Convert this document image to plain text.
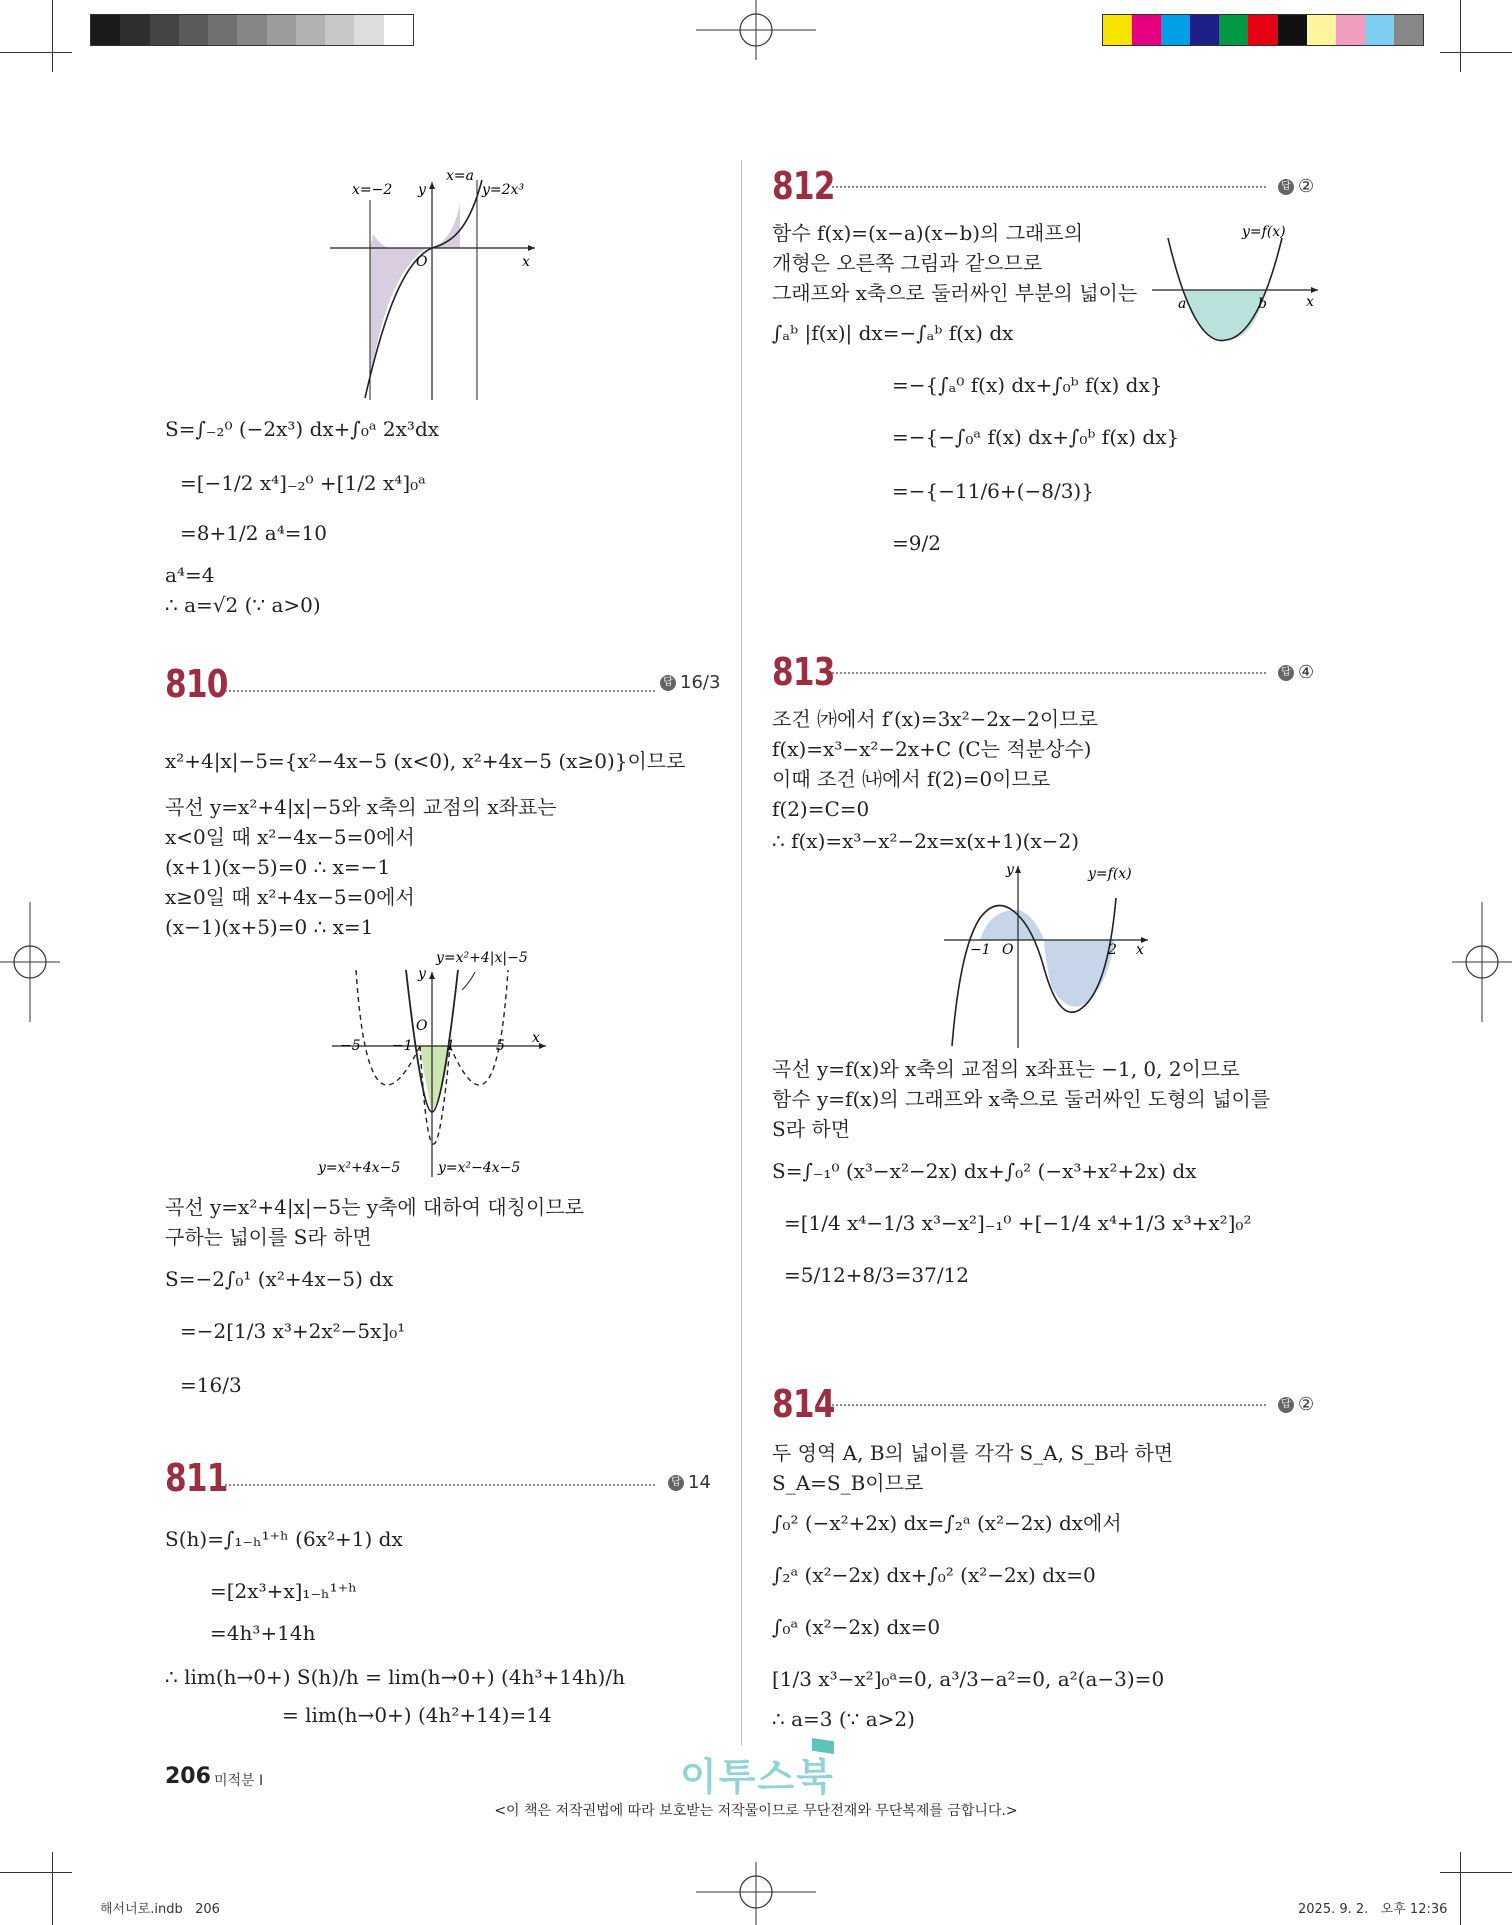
x=−2 y
x=a
y=2x³
O	x
S=∫₋₂⁰ (−2x³) dx+∫₀ᵃ 2x³dx
=[−1/2 x⁴]₋₂⁰ +[1/2 x⁴]₀ᵃ
=8+1/2 a⁴=10
a⁴=4
∴ a=√2 (∵ a>0)
810	답 16/3
x²+4|x|−5={x²−4x−5 (x<0), x²+4x−5 (x≥0)}이므로
곡선 y=x²+4|x|−5와 x축의 교점의 x좌표는
x<0일 때 x²−4x−5=0에서
(x+1)(x−5)=0 ∴ x=−1
x≥0일 때 x²+4x−5=0에서
(x−1)(x+5)=0 ∴ x=1
y=x²+4|x|−5
y
O
−5 −1 1	5 x
y=x²+4x−5	y=x²−4x−5
곡선 y=x²+4|x|−5는 y축에 대하여 대칭이므로
구하는 넓이를 S라 하면
S=−2∫₀¹ (x²+4x−5) dx
=−2[1/3 x³+2x²−5x]₀¹
=16/3
811	답 14
S(h)=∫₁₋ₕ¹⁺ʰ (6x²+1) dx
=[2x³+x]₁₋ₕ¹⁺ʰ
=4h³+14h
∴ lim(h→0+) S(h)/h = lim(h→0+) (4h³+14h)/h
= lim(h→0+) (4h²+14)=14
812	답 ②
함수 f(x)=(x−a)(x−b)의 그래프의
개형은 오른쪽 그림과 같으므로
그래프와 x축으로 둘러싸인 부분의 넓이는
∫ₐᵇ |f(x)| dx=−∫ₐᵇ f(x) dx
=−{∫ₐ⁰ f(x) dx+∫₀ᵇ f(x) dx}
=−{−∫₀ᵃ f(x) dx+∫₀ᵇ f(x) dx}
=−{−11/6+(−8/3)}
=9/2
y=f(x)
a	b	x
813	답 ④
조건 ㈎에서 f′(x)=3x²−2x−2이므로
f(x)=x³−x²−2x+C (C는 적분상수)
이때 조건 ㈏에서 f(2)=0이므로
f(2)=C=0
∴ f(x)=x³−x²−2x=x(x+1)(x−2)
y	y=f(x)
−1 O	2 x
곡선 y=f(x)와 x축의 교점의 x좌표는 −1, 0, 2이므로
함수 y=f(x)의 그래프와 x축으로 둘러싸인 도형의 넓이를
S라 하면
S=∫₋₁⁰ (x³−x²−2x) dx+∫₀² (−x³+x²+2x) dx
=[1/4 x⁴−1/3 x³−x²]₋₁⁰ +[−1/4 x⁴+1/3 x³+x²]₀²
=5/12+8/3=37/12
814	답 ②
두 영역 A, B의 넓이를 각각 S_A, S_B라 하면
S_A=S_B이므로
∫₀² (−x²+2x) dx=∫₂ᵃ (x²−2x) dx에서
∫₂ᵃ (x²−2x) dx+∫₀² (x²−2x) dx=0
∫₀ᵃ (x²−2x) dx=0
[1/3 x³−x²]₀ᵃ=0, a³/3−a²=0, a²(a−3)=0
∴ a=3 (∵ a>2)
206 미적분 Ⅰ	이투스북
<이 책은 저작권법에 따라 보호받는 저작물이므로 무단전재와 무단복제를 금합니다.>
해서너로.indb   206	2025. 9. 2.   오후 12:36
